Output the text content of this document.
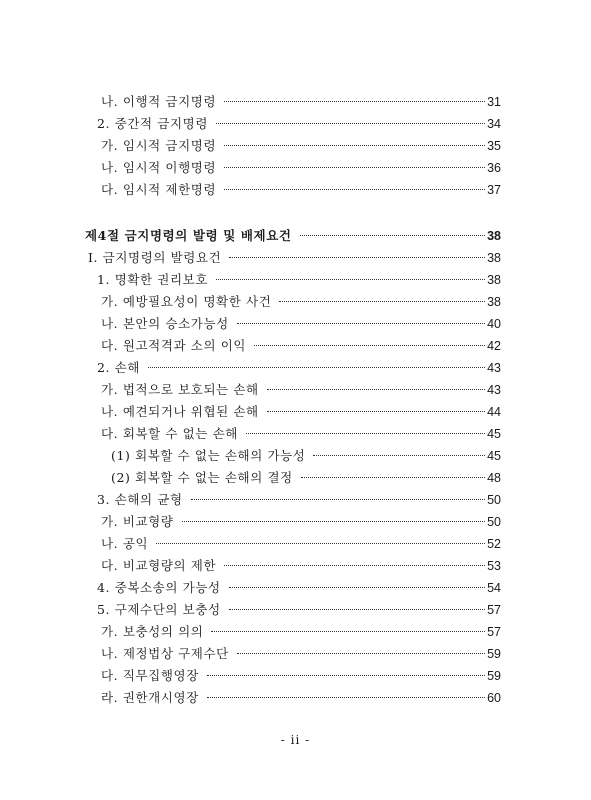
나. 이행적 금지명령	31
2. 중간적 금지명령	34
가. 임시적 금지명령	35
나. 임시적 이행명령	36
다. 임시적 제한명령	37
제4절 금지명령의 발령 및 배제요건	38
Ⅰ. 금지명령의 발령요건	38
1. 명확한 권리보호	38
가. 예방필요성이 명확한 사건	38
나. 본안의 승소가능성	40
다. 원고적격과 소의 이익	42
2. 손해	43
가. 법적으로 보호되는 손해	43
나. 예견되거나 위협된 손해	44
다. 회복할 수 없는 손해	45
(1) 회복할 수 없는 손해의 가능성	45
(2) 회복할 수 없는 손해의 결정	48
3. 손해의 균형	50
가. 비교형량	50
나. 공익	52
다. 비교형량의 제한	53
4. 중복소송의 가능성	54
5. 구제수단의 보충성	57
가. 보충성의 의의	57
나. 제정법상 구제수단	59
다. 직무집행영장	59
라. 권한개시영장	60
- ii -
